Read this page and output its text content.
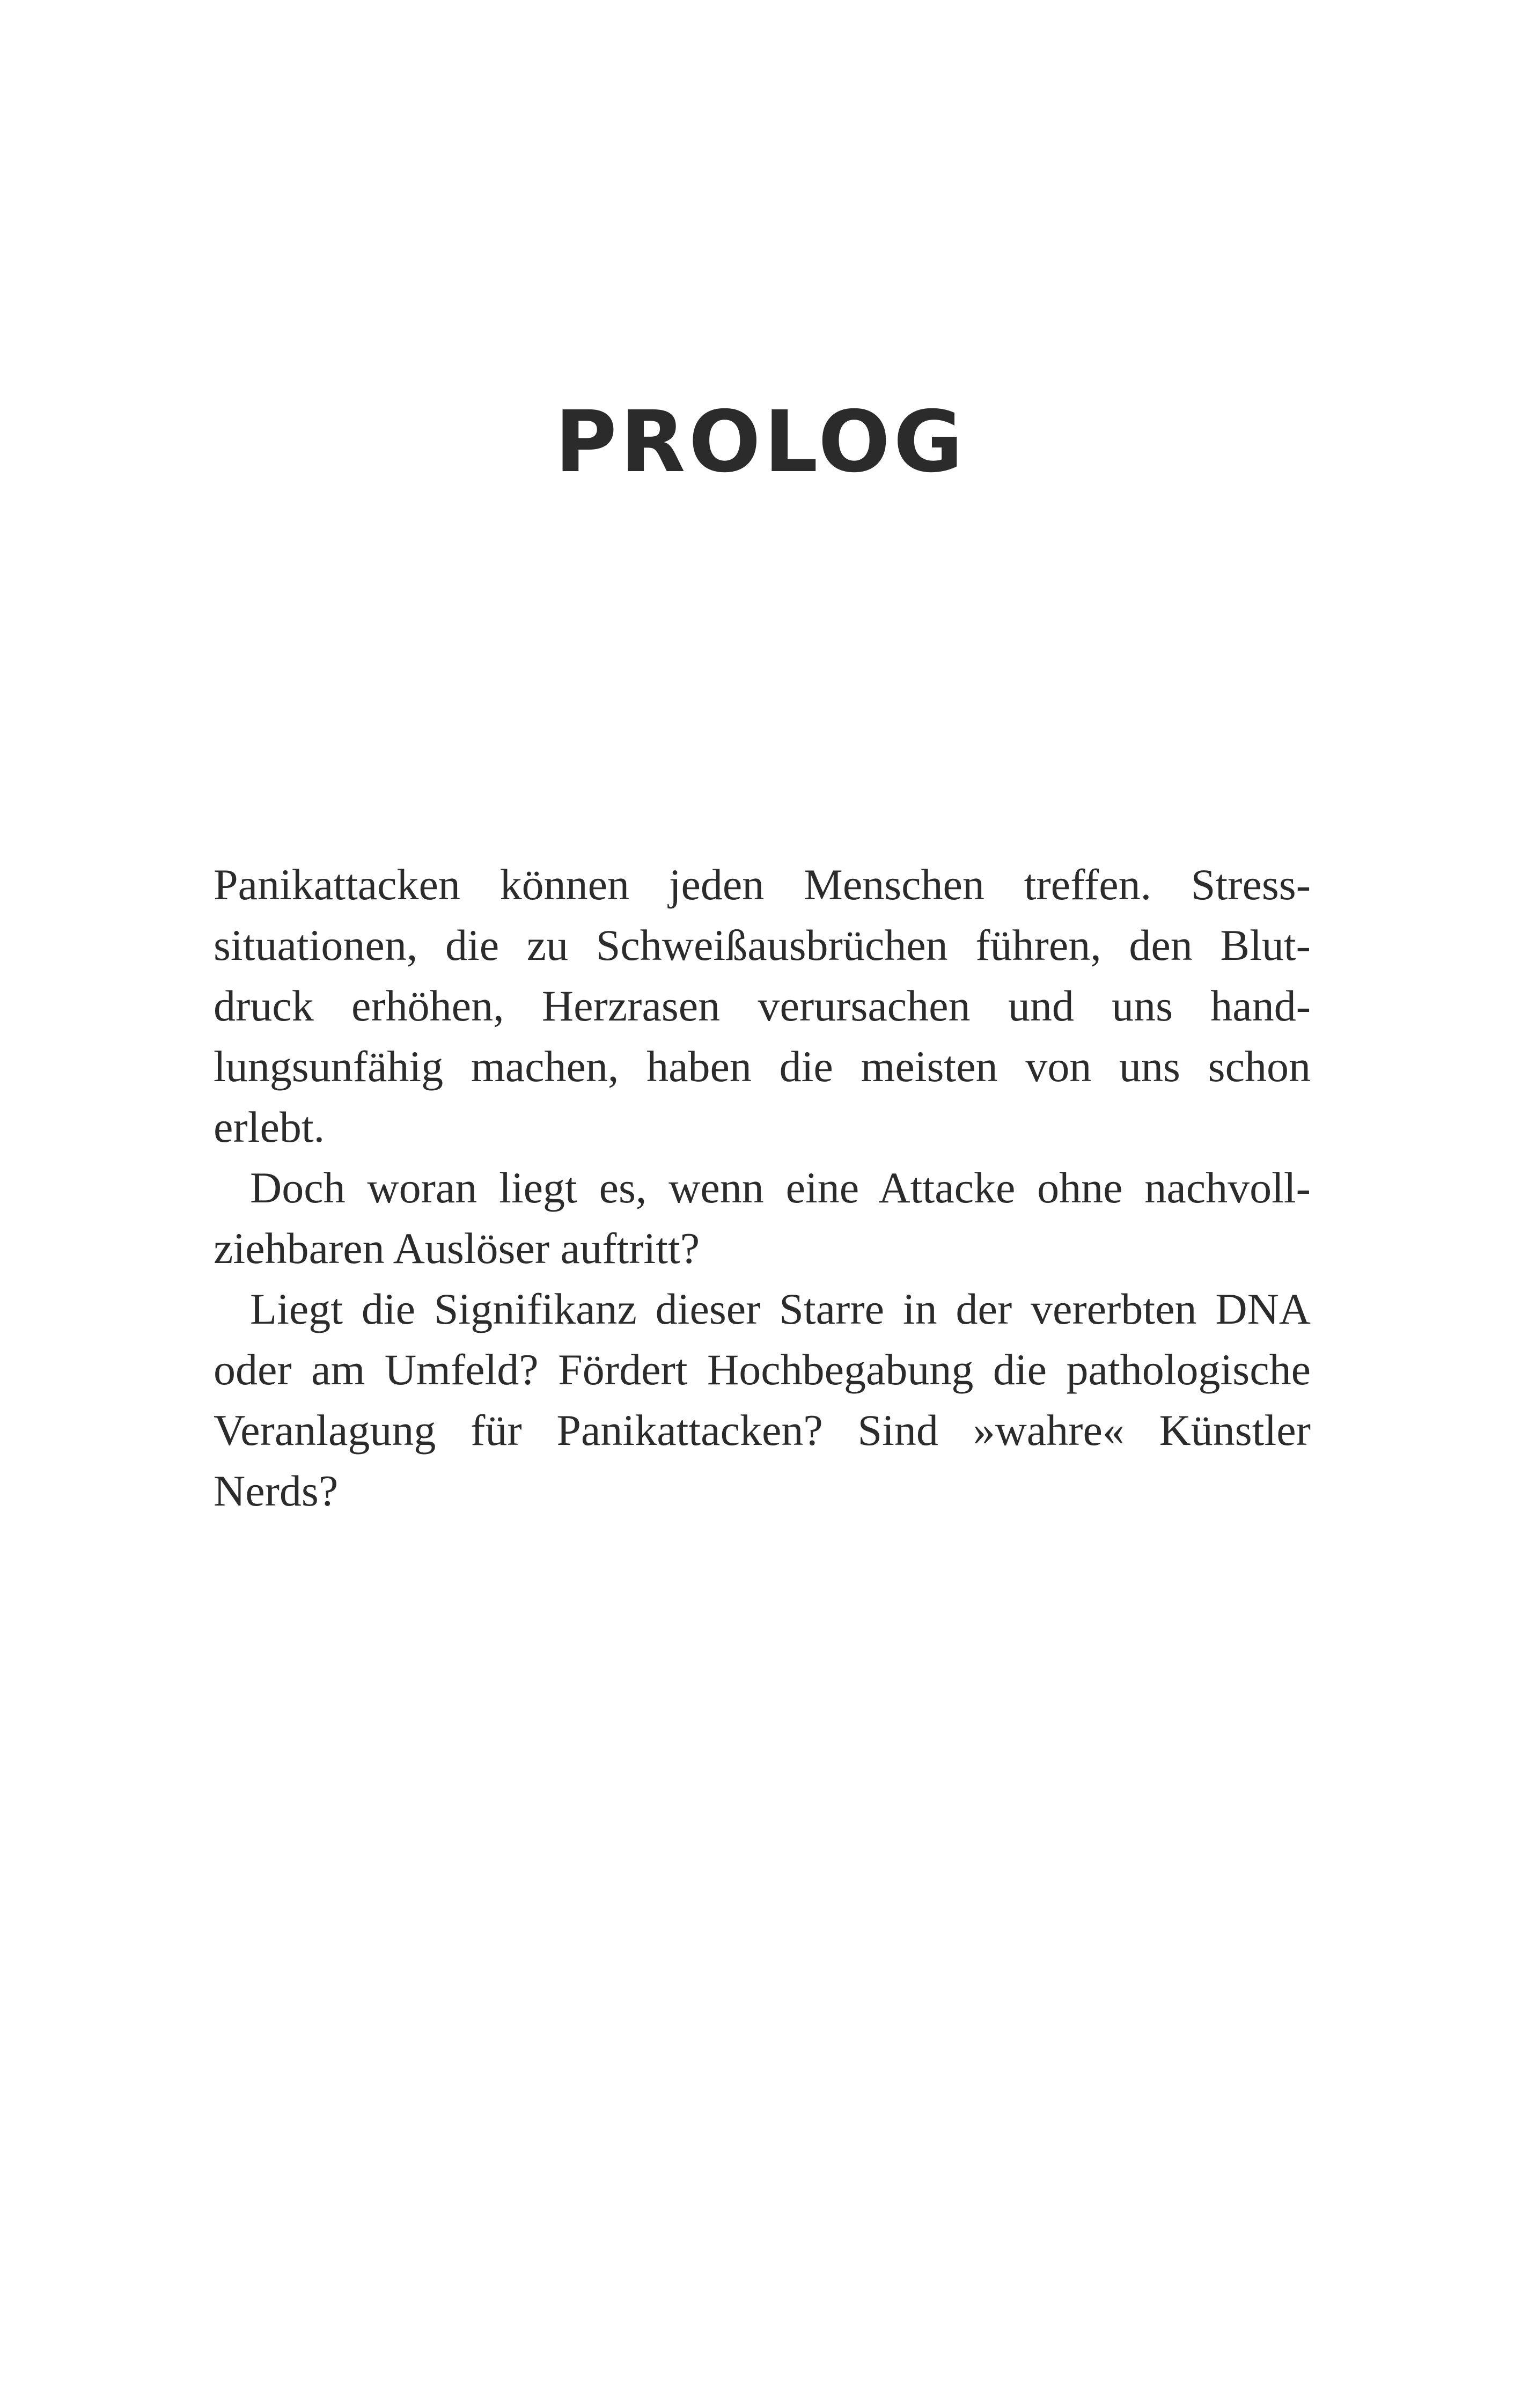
PROLOG

Panikattacken können jeden Menschen treffen. Stress-
situationen, die zu Schweißausbrüchen führen, den Blut-
druck erhöhen, Herzrasen verursachen und uns hand-
lungsunfähig machen, haben die meisten von uns schon
erlebt.

Doch woran liegt es, wenn eine Attacke ohne nachvoll-
ziehbaren Auslöser auftritt?

Liegt die Signifikanz dieser Starre in der vererbten DNA
oder am Umfeld? Fördert Hochbegabung die pathologische
Veranlagung für Panikattacken? Sind »wahre« Künstler
Nerds?
